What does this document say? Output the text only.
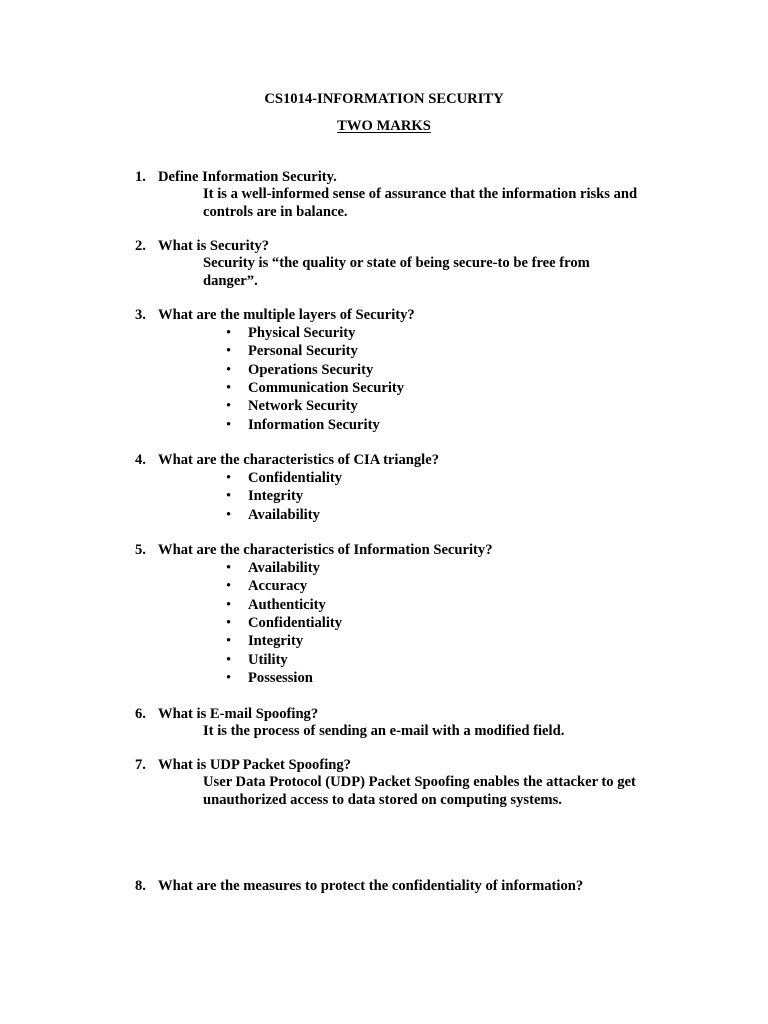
CS1014-INFORMATION SECURITY
TWO MARKS
1. Define Information Security.

It is a well-informed sense of assurance that the information risks and controls are in balance.

2. What is Security?

Security is “the quality or state of being secure-to be free from danger”.

3. What are the multiple layers of Security?
• Physical Security
• Personal Security
• Operations Security
• Communication Security
• Network Security
• Information Security
4. What are the characteristics of CIA triangle?
• Confidentiality
• Integrity
• Availability
5. What are the characteristics of Information Security?
• Availability
• Accuracy
• Authenticity
• Confidentiality
• Integrity
• Utility
• Possession
6. What is E-mail Spoofing?

It is the process of sending an e-mail with a modified field.

7. What is UDP Packet Spoofing?

User Data Protocol (UDP) Packet Spoofing enables the attacker to get unauthorized access to data stored on computing systems.

8. What are the measures to protect the confidentiality of information?
